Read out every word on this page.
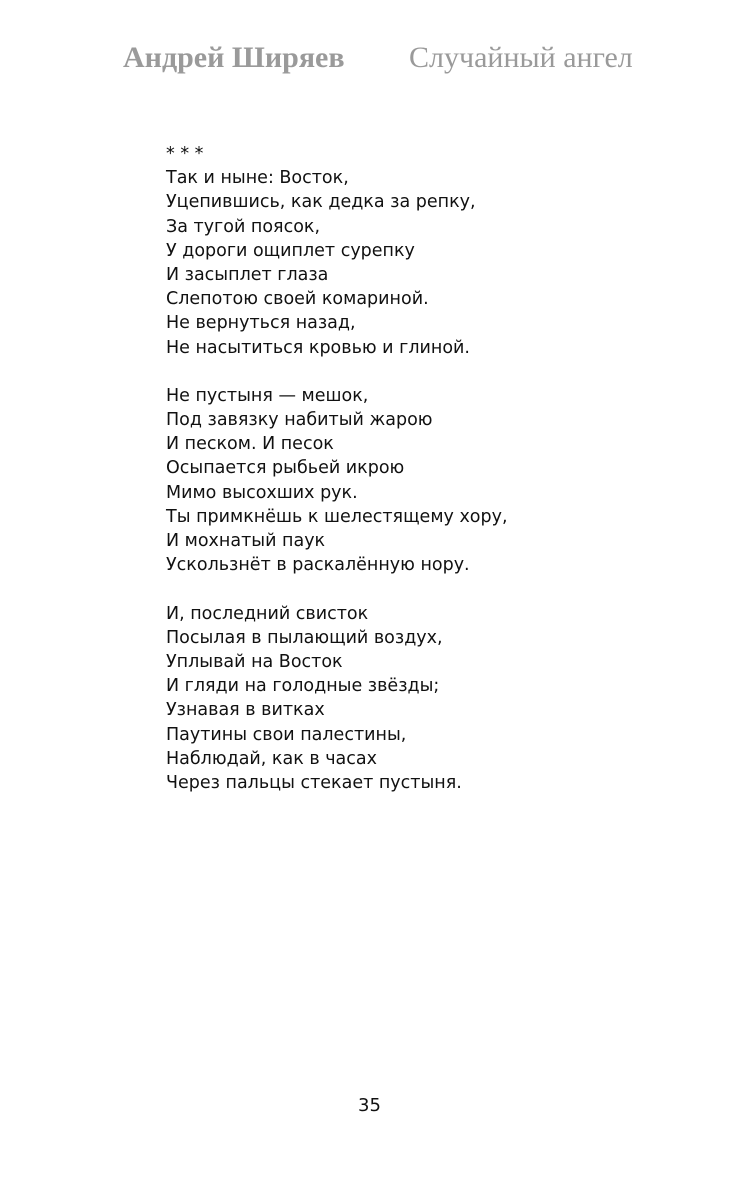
Андрей Ширяев Случайный ангел
* * *
Так и ныне: Восток,
Уцепившись, как дедка за репку,
За тугой поясок,
У дороги ощиплет сурепку
И засыплет глаза
Слепотою своей комариной.
Не вернуться назад,
Не насытиться кровью и глиной.
Не пустыня — мешок,
Под завязку набитый жарою
И песком. И песок
Осыпается рыбьей икрою
Мимо высохших рук.
Ты примкнёшь к шелестящему хору,
И мохнатый паук
Ускользнёт в раскалённую нору.
И, последний свисток
Посылая в пылающий воздух,
Уплывай на Восток
И гляди на голодные звёзды;
Узнавая в витках
Паутины свои палестины,
Наблюдай, как в часах
Через пальцы стекает пустыня.
35
